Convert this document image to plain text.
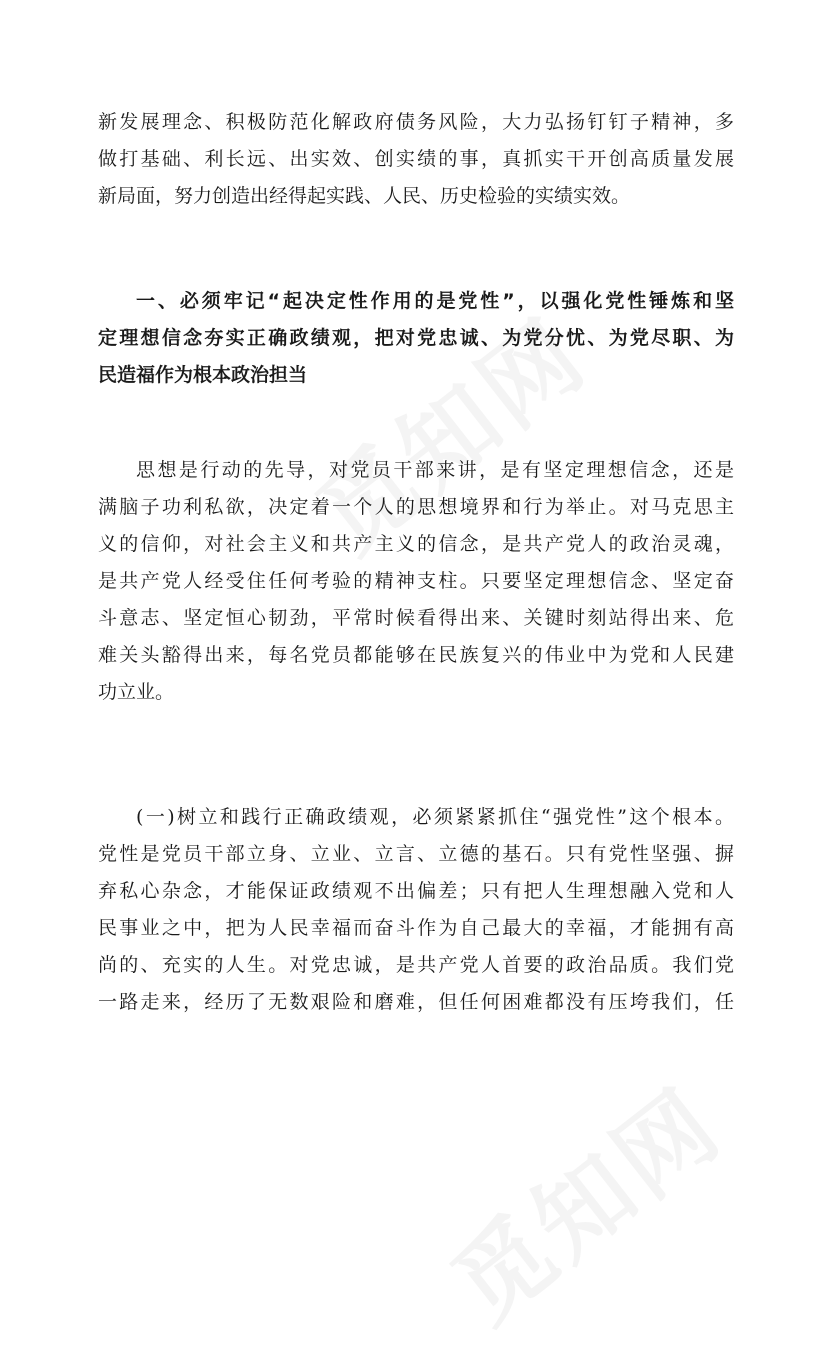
新发展理念、积极防范化解政府债务风险，大力弘扬钉钉子精神，多
做打基础、利长远、出实效、创实绩的事，真抓实干开创高质量发展
新局面，努力创造出经得起实践、人民、历史检验的实绩实效。
一、必须牢记“起决定性作用的是党性”，以强化党性锤炼和坚
定理想信念夯实正确政绩观，把对党忠诚、为党分忧、为党尽职、为
民造福作为根本政治担当
思想是行动的先导，对党员干部来讲，是有坚定理想信念，还是
满脑子功利私欲，决定着一个人的思想境界和行为举止。对马克思主
义的信仰，对社会主义和共产主义的信念，是共产党人的政治灵魂，
是共产党人经受住任何考验的精神支柱。只要坚定理想信念、坚定奋
斗意志、坚定恒心韧劲，平常时候看得出来、关键时刻站得出来、危
难关头豁得出来，每名党员都能够在民族复兴的伟业中为党和人民建
功立业。
(一)树立和践行正确政绩观，必须紧紧抓住“强党性”这个根本。
党性是党员干部立身、立业、立言、立德的基石。只有党性坚强、摒
弃私心杂念，才能保证政绩观不出偏差；只有把人生理想融入党和人
民事业之中，把为人民幸福而奋斗作为自己最大的幸福，才能拥有高
尚的、充实的人生。对党忠诚，是共产党人首要的政治品质。我们党
一路走来，经历了无数艰险和磨难，但任何困难都没有压垮我们，任
